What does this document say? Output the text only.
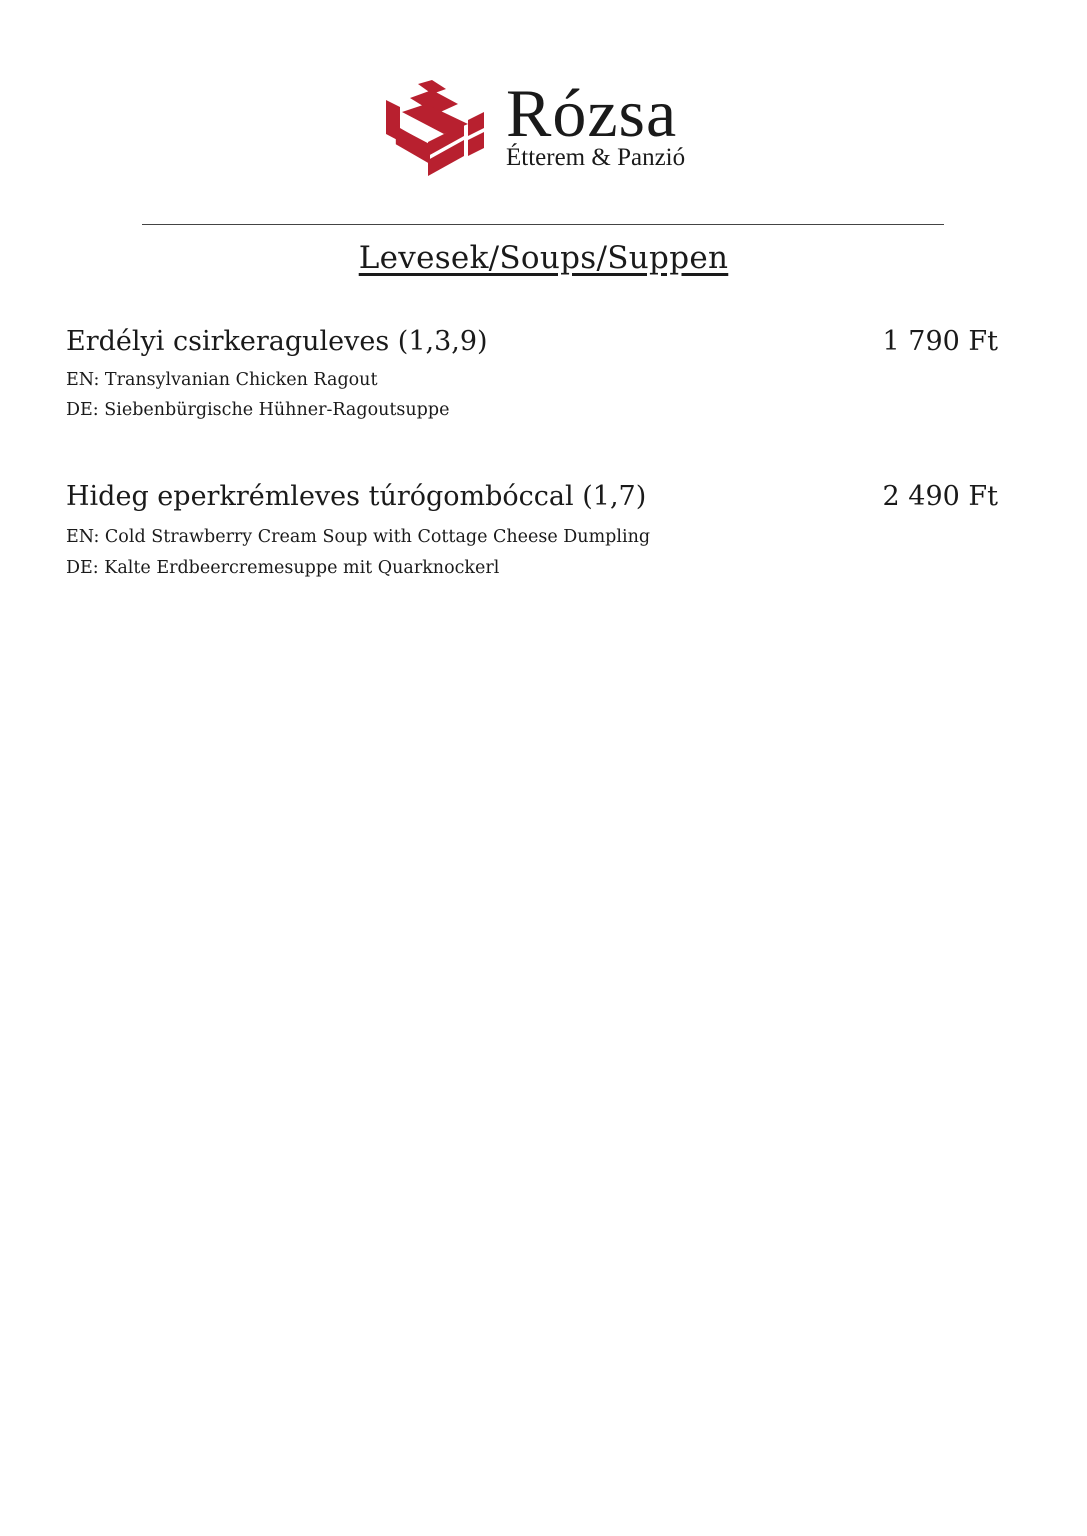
Rózsa
Étterem & Panzió
Levesek/Soups/Suppen
Erdélyi csirkeraguleves (1,3,9)	1 790 Ft
EN: Transylvanian Chicken Ragout
DE: Siebenbürgische Hühner-Ragoutsuppe
Hideg eperkrémleves túrógombóccal (1,7)	2 490 Ft
EN: Cold Strawberry Cream Soup with Cottage Cheese Dumpling
DE: Kalte Erdbeercremesuppe mit Quarknockerl
